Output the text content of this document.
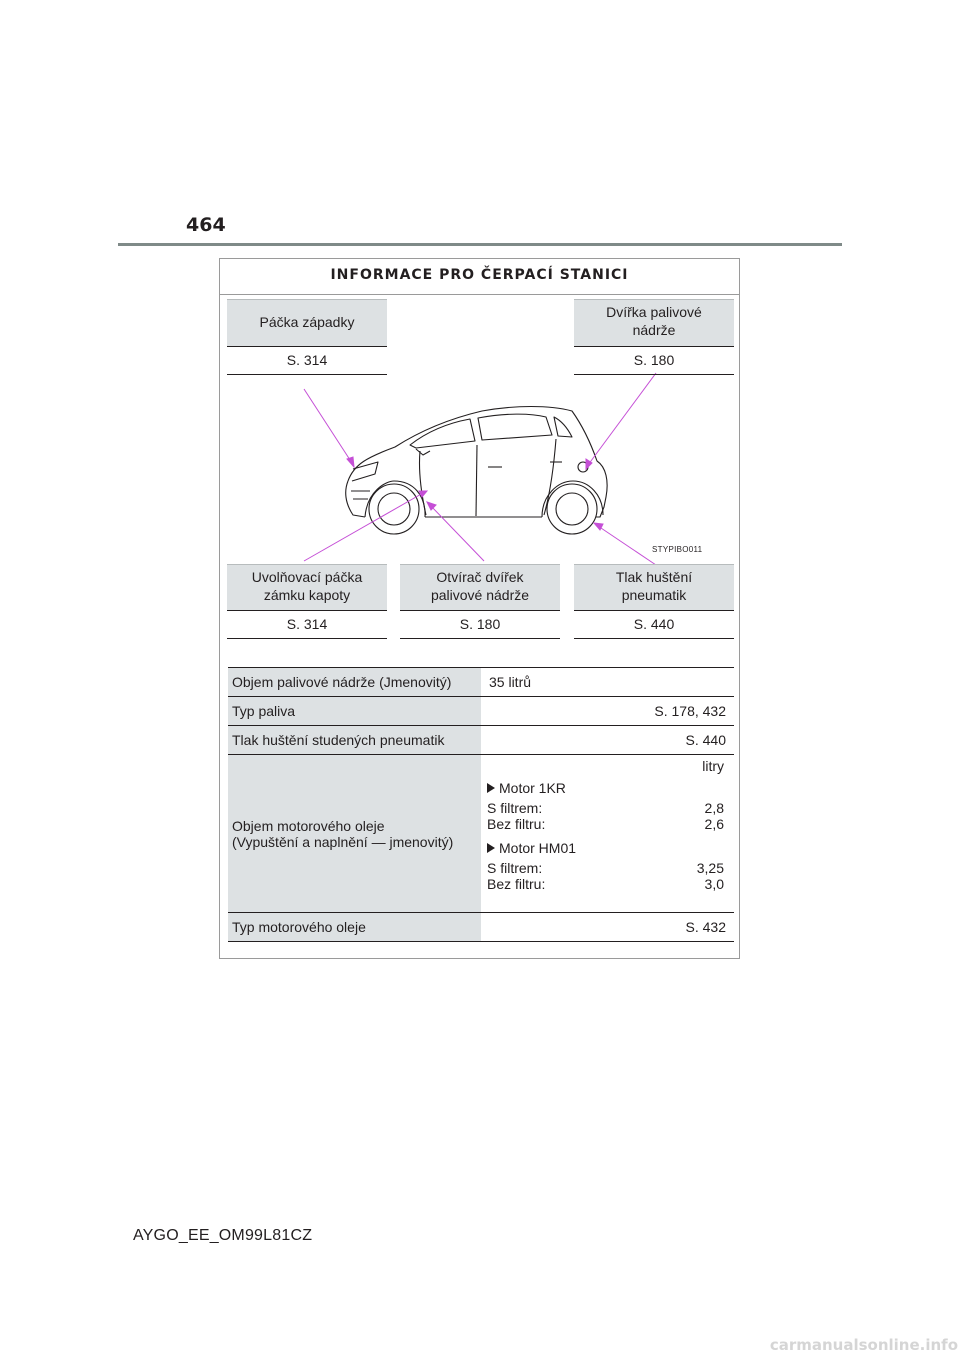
464
INFORMACE PRO ČERPACÍ STANICI
STYPIBO011
Páčka západky
S. 314
Dvířka palivové nádrže
S. 180
Uvolňovací páčka zámku kapoty
S. 314
Otvírač dvířek palivové nádrže
S. 180
Tlak huštění pneumatik
S. 440
Objem palivové nádrže (Jmenovitý)	35 litrů
Typ paliva	S. 178, 432
Tlak huštění studených pneumatik	S. 440
Objem motorového oleje
(Vypuštění a naplnění — jmenovitý)
litry
Motor 1KR
S filtrem:	2,8
Bez filtru:	2,6
Motor HM01
S filtrem:	3,25
Bez filtru:	3,0
Typ motorového oleje	S. 432
AYGO_EE_OM99L81CZ
carmanualsonline.info
